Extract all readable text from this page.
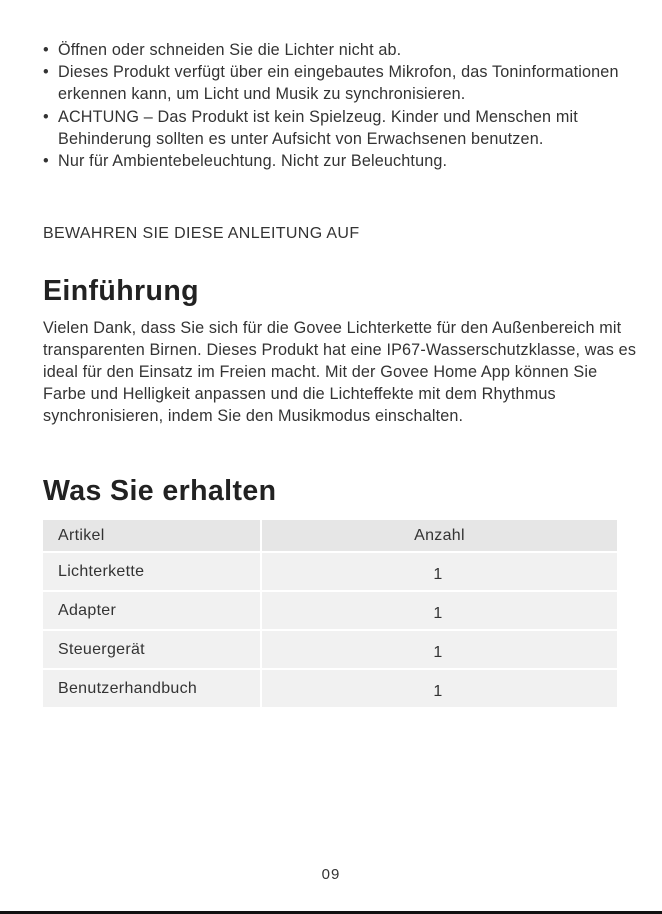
• Öffnen oder schneiden Sie die Lichter nicht ab.
• Dieses Produkt verfügt über ein eingebautes Mikrofon, das Toninformationen erkennen kann, um Licht und Musik zu synchronisieren.
• ACHTUNG – Das Produkt ist kein Spielzeug. Kinder und Menschen mit Behinderung sollten es unter Aufsicht von Erwachsenen benutzen.
• Nur für Ambientebeleuchtung. Nicht zur Beleuchtung.
BEWAHREN SIE DIESE ANLEITUNG AUF
Einführung

Vielen Dank, dass Sie sich für die Govee Lichterkette für den Außenbereich mit transparenten Birnen. Dieses Produkt hat eine IP67-Wasserschutzklasse, was es ideal für den Einsatz im Freien macht. Mit der Govee Home App können Sie Farbe und Helligkeit anpassen und die Lichteffekte mit dem Rhythmus synchronisieren, indem Sie den Musikmodus einschalten.

Was Sie erhalten
Artikel	Anzahl
Lichterkette	1
Adapter	1
Steuergerät	1
Benutzerhandbuch	1
09
